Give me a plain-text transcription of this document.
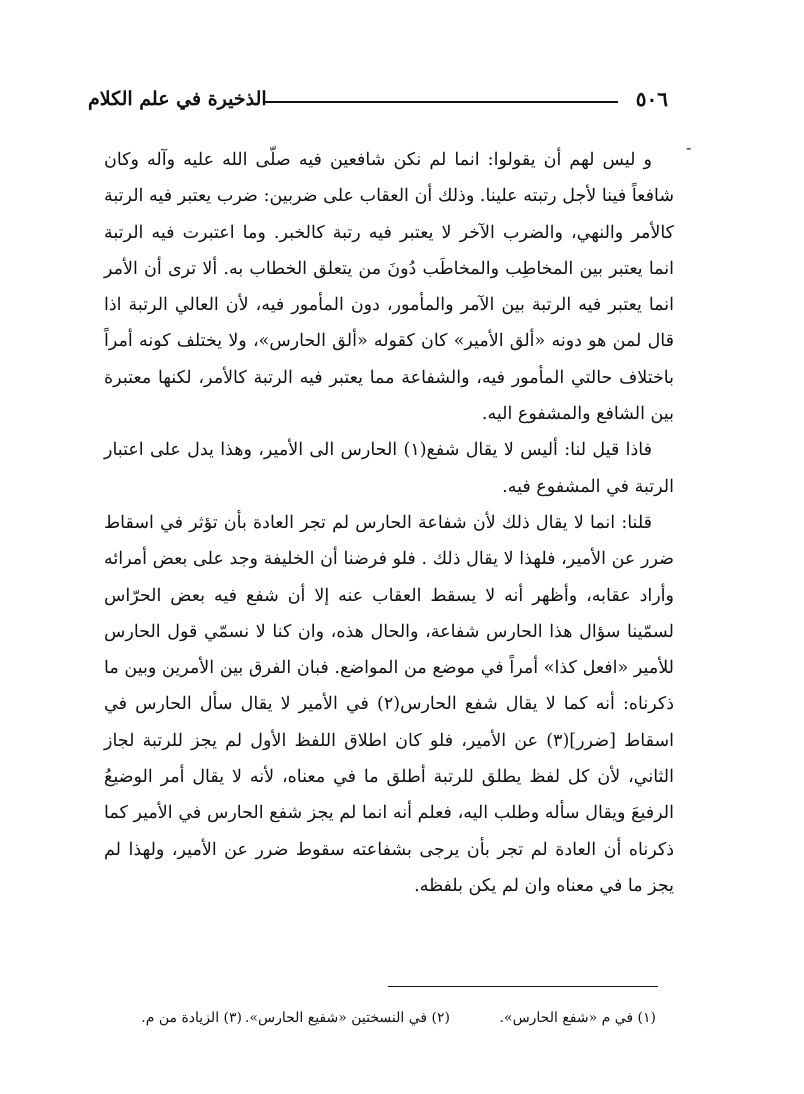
٥٠٦
الذخيرة في علم الكلام
-

و ليس لهم أن يقولوا: انما لم نكن شافعين فيه صلّى الله عليه وآله وكان شافعاً فينا لأجل رتبته علينا. وذلك أن العقاب على ضربين: ضرب يعتبر فيه الرتبة كالأمر والنهي، والضرب الآخر لا يعتبر فيه رتبة كالخبر. وما اعتبرت فيه الرتبة انما يعتبر بين المخاطِب والمخاطَب دُونَ من يتعلق الخطاب به. ألا ترى أن الأمر انما يعتبر فيه الرتبة بين الآمر والمأمور، دون المأمور فيه، لأن العالي الرتبة اذا قال لمن هو دونه «ألق الأمير» كان كقوله «ألق الحارس»، ولا يختلف كونه أمراً باختلاف حالتي المأمور فيه، والشفاعة مما يعتبر فيه الرتبة كالأمر، لكنها معتبرة بين الشافع والمشفوع اليه.

فاذا قيل لنا: أليس لا يقال شفع(١) الحارس الى الأمير، وهذا يدل على اعتبار الرتبة في المشفوع فيه.

قلنا: انما لا يقال ذلك لأن شفاعة الحارس لم تجر العادة بأن تؤثر في اسقاط ضرر عن الأمير، فلهذا لا يقال ذلك . فلو فرضنا أن الخليفة وجد على بعض أمرائه وأراد عقابه، وأظهر أنه لا يسقط العقاب عنه إلا أن شفع فيه بعض الحرّاس لسمّينا سؤال هذا الحارس شفاعة، والحال هذه، وان كنا لا نسمّي قول الحارس للأمير «افعل كذا» أمراً في موضع من المواضع. فبان الفرق بين الأمرين وبين ما ذكرناه: أنه كما لا يقال شفع الحارس(٢) في الأمير لا يقال سأل الحارس في اسقاط [ضرر](٣) عن الأمير، فلو كان اطلاق اللفظ الأول لم يجز للرتبة لجاز الثاني، لأن كل لفظ يطلق للرتبة أطلق ما في معناه، لأنه لا يقال أمر الوضيعُ الرفيعَ ويقال سأله وطلب اليه، فعلم أنه انما لم يجز شفع الحارس في الأمير كما ذكرناه أن العادة لم تجر بأن يرجى بشفاعته سقوط ضرر عن الأمير، ولهذا لم يجز ما في معناه وان لم يكن بلفظه.

(١) في م «شفع الحارس».
(٢) في النسختين «شفيع الحارس».
(٣) الزيادة من م.
